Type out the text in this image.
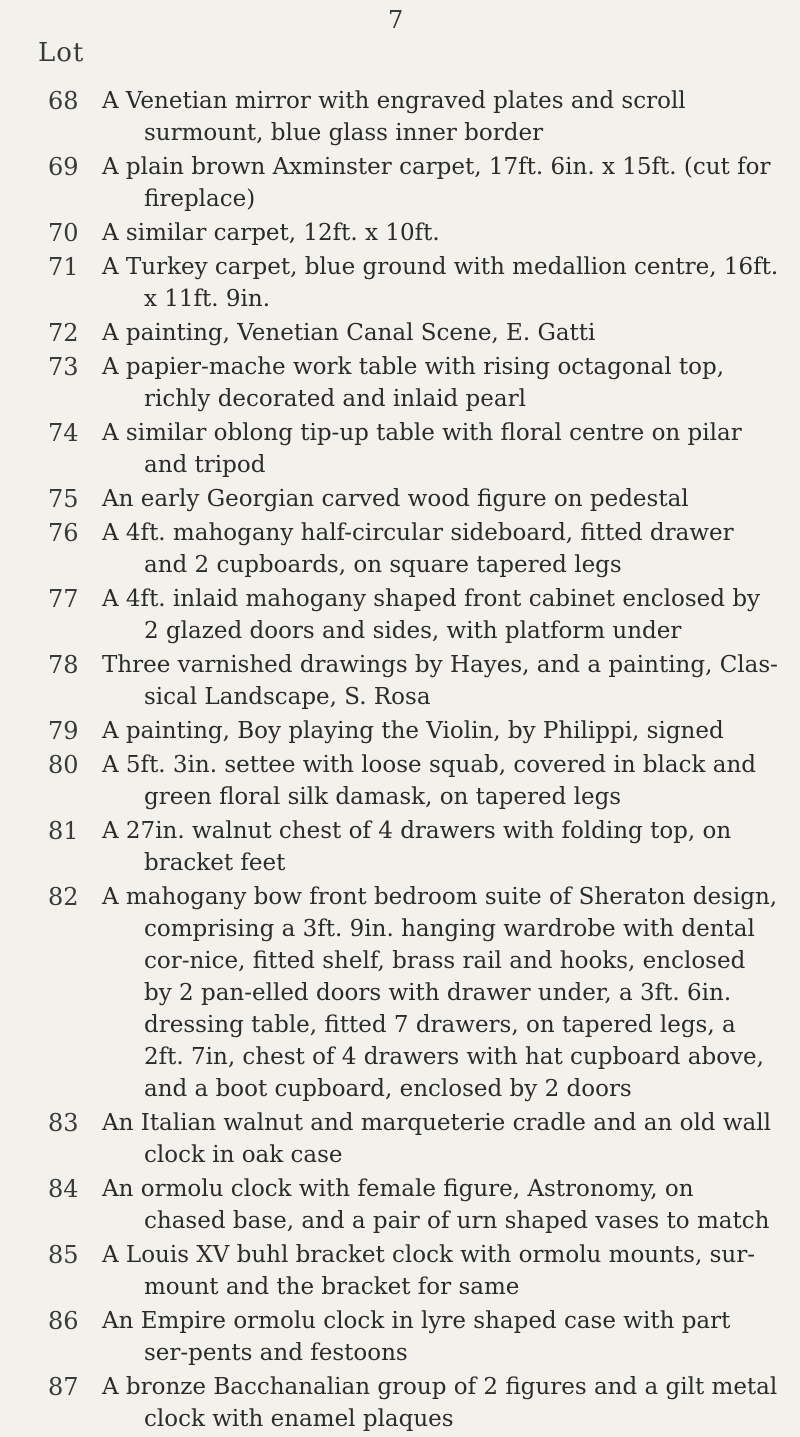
7
Lot
68	A Venetian mirror with engraved plates and scroll surmount, blue glass inner border
69	A plain brown Axminster carpet, 17ft. 6in. x 15ft. (cut for fireplace)
70	A similar carpet, 12ft. x 10ft.
71	A Turkey carpet, blue ground with medallion centre, 16ft. x 11ft. 9in.
72	A painting, Venetian Canal Scene, E. Gatti
73	A papier-mache work table with rising octagonal top, richly decorated and inlaid pearl
74	A similar oblong tip-up table with floral centre on pilar and tripod
75	An early Georgian carved wood figure on pedestal
76	A 4ft. mahogany half-circular sideboard, fitted drawer and 2 cupboards, on square tapered legs
77	A 4ft. inlaid mahogany shaped front cabinet enclosed by 2 glazed doors and sides, with platform under
78	Three varnished drawings by Hayes, and a painting, Clas-sical Landscape, S. Rosa
79	A painting, Boy playing the Violin, by Philippi, signed
80	A 5ft. 3in. settee with loose squab, covered in black and green floral silk damask, on tapered legs
81	A 27in. walnut chest of 4 drawers with folding top, on bracket feet
82	A mahogany bow front bedroom suite of Sheraton design, comprising a 3ft. 9in. hanging wardrobe with dental cor-nice, fitted shelf, brass rail and hooks, enclosed by 2 pan-elled doors with drawer under, a 3ft. 6in. dressing table, fitted 7 drawers, on tapered legs, a 2ft. 7in, chest of 4 drawers with hat cupboard above, and a boot cupboard, enclosed by 2 doors
83	An Italian walnut and marqueterie cradle and an old wall clock in oak case
84	An ormolu clock with female figure, Astronomy, on chased base, and a pair of urn shaped vases to match
85	A Louis XV buhl bracket clock with ormolu mounts, sur-mount and the bracket for same
86	An Empire ormolu clock in lyre shaped case with part ser-pents and festoons
87	A bronze Bacchanalian group of 2 figures and a gilt metal clock with enamel plaques
